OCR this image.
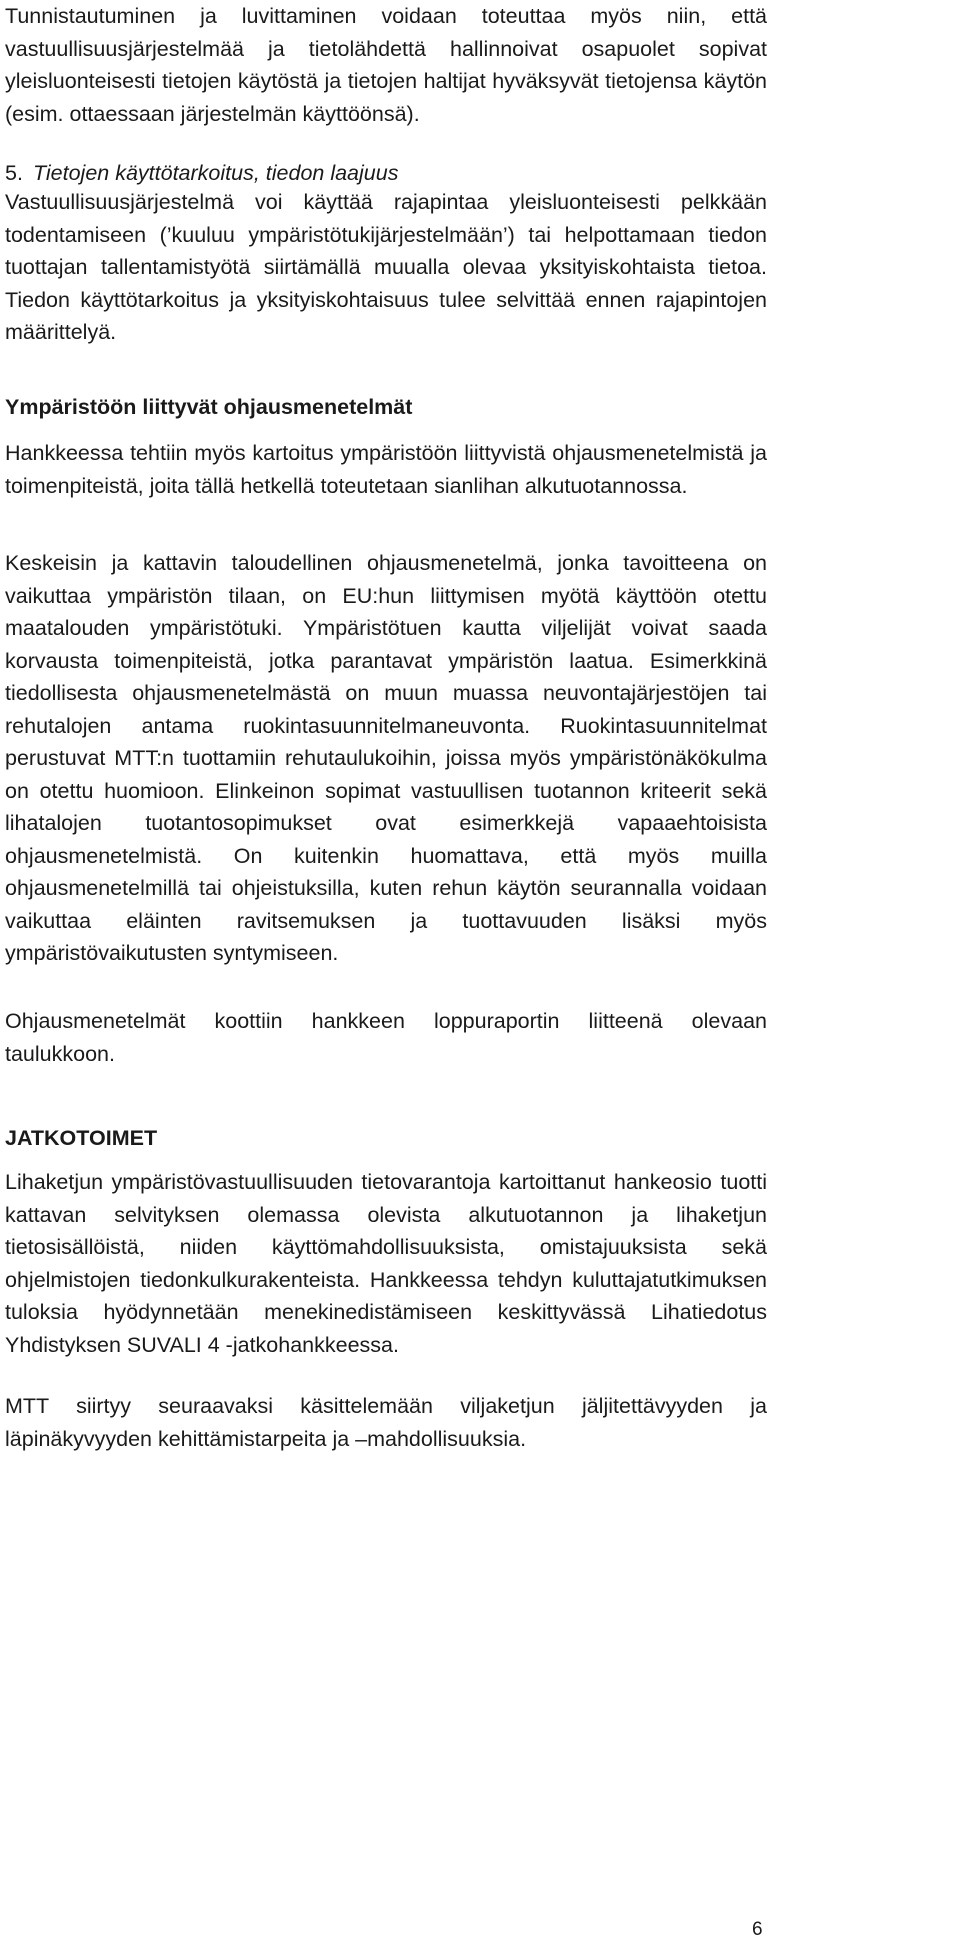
Tunnistautuminen ja luvittaminen voidaan toteuttaa myös niin, että vastuullisuusjärjestelmää ja tietolähdettä hallinnoivat osapuolet sopivat yleisluonteisesti tietojen käytöstä ja tietojen haltijat hyväksyvät tietojensa käytön (esim. ottaessaan järjestelmän käyttöönsä).

5. Tietojen käyttötarkoitus, tiedon laajuus

Vastuullisuusjärjestelmä voi käyttää rajapintaa yleisluonteisesti pelkkään todentamiseen (’kuuluu ympäristötukijärjestelmään’) tai helpottamaan tiedon tuottajan tallentamistyötä siirtämällä muualla olevaa yksityiskohtaista tietoa. Tiedon käyttötarkoitus ja yksityiskohtaisuus tulee selvittää ennen rajapintojen määrittelyä.

Ympäristöön liittyvät ohjausmenetelmät

Hankkeessa tehtiin myös kartoitus ympäristöön liittyvistä ohjausmenetelmistä ja toimenpiteistä, joita tällä hetkellä toteutetaan sianlihan alkutuotannossa.

Keskeisin ja kattavin taloudellinen ohjausmenetelmä, jonka tavoitteena on vaikuttaa ympäristön tilaan, on EU:hun liittymisen myötä käyttöön otettu maatalouden ympäristötuki. Ympäristötuen kautta viljelijät voivat saada korvausta toimenpiteistä, jotka parantavat ympäristön laatua. Esimerkkinä tiedollisesta ohjausmenetelmästä on muun muassa neuvontajärjestöjen tai rehutalojen antama ruokintasuunnitelmaneuvonta. Ruokintasuunnitelmat perustuvat MTT:n tuottamiin rehutaulukoihin, joissa myös ympäristönäkökulma on otettu huomioon. Elinkeinon sopimat vastuullisen tuotannon kriteerit sekä lihatalojen tuotantosopimukset ovat esimerkkejä vapaaehtoisista ohjausmenetelmistä. On kuitenkin huomattava, että myös muilla ohjausmenetelmillä tai ohjeistuksilla, kuten rehun käytön seurannalla voidaan vaikuttaa eläinten ravitsemuksen ja tuottavuuden lisäksi myös ympäristövaikutusten syntymiseen.

Ohjausmenetelmät koottiin hankkeen loppuraportin liitteenä olevaan taulukkoon.

JATKOTOIMET

Lihaketjun ympäristövastuullisuuden tietovarantoja kartoittanut hankeosio tuotti kattavan selvityksen olemassa olevista alkutuotannon ja lihaketjun tietosisällöistä, niiden käyttömahdollisuuksista, omistajuuksista sekä ohjelmistojen tiedonkulkurakenteista. Hankkeessa tehdyn kuluttajatutkimuksen tuloksia hyödynnetään menekinedistämiseen keskittyvässä Lihatiedotus Yhdistyksen SUVALI 4 -jatkohankkeessa.

MTT siirtyy seuraavaksi käsittelemään viljaketjun jäljitettävyyden ja läpinäkyvyyden kehittämistarpeita ja –mahdollisuuksia.

6
